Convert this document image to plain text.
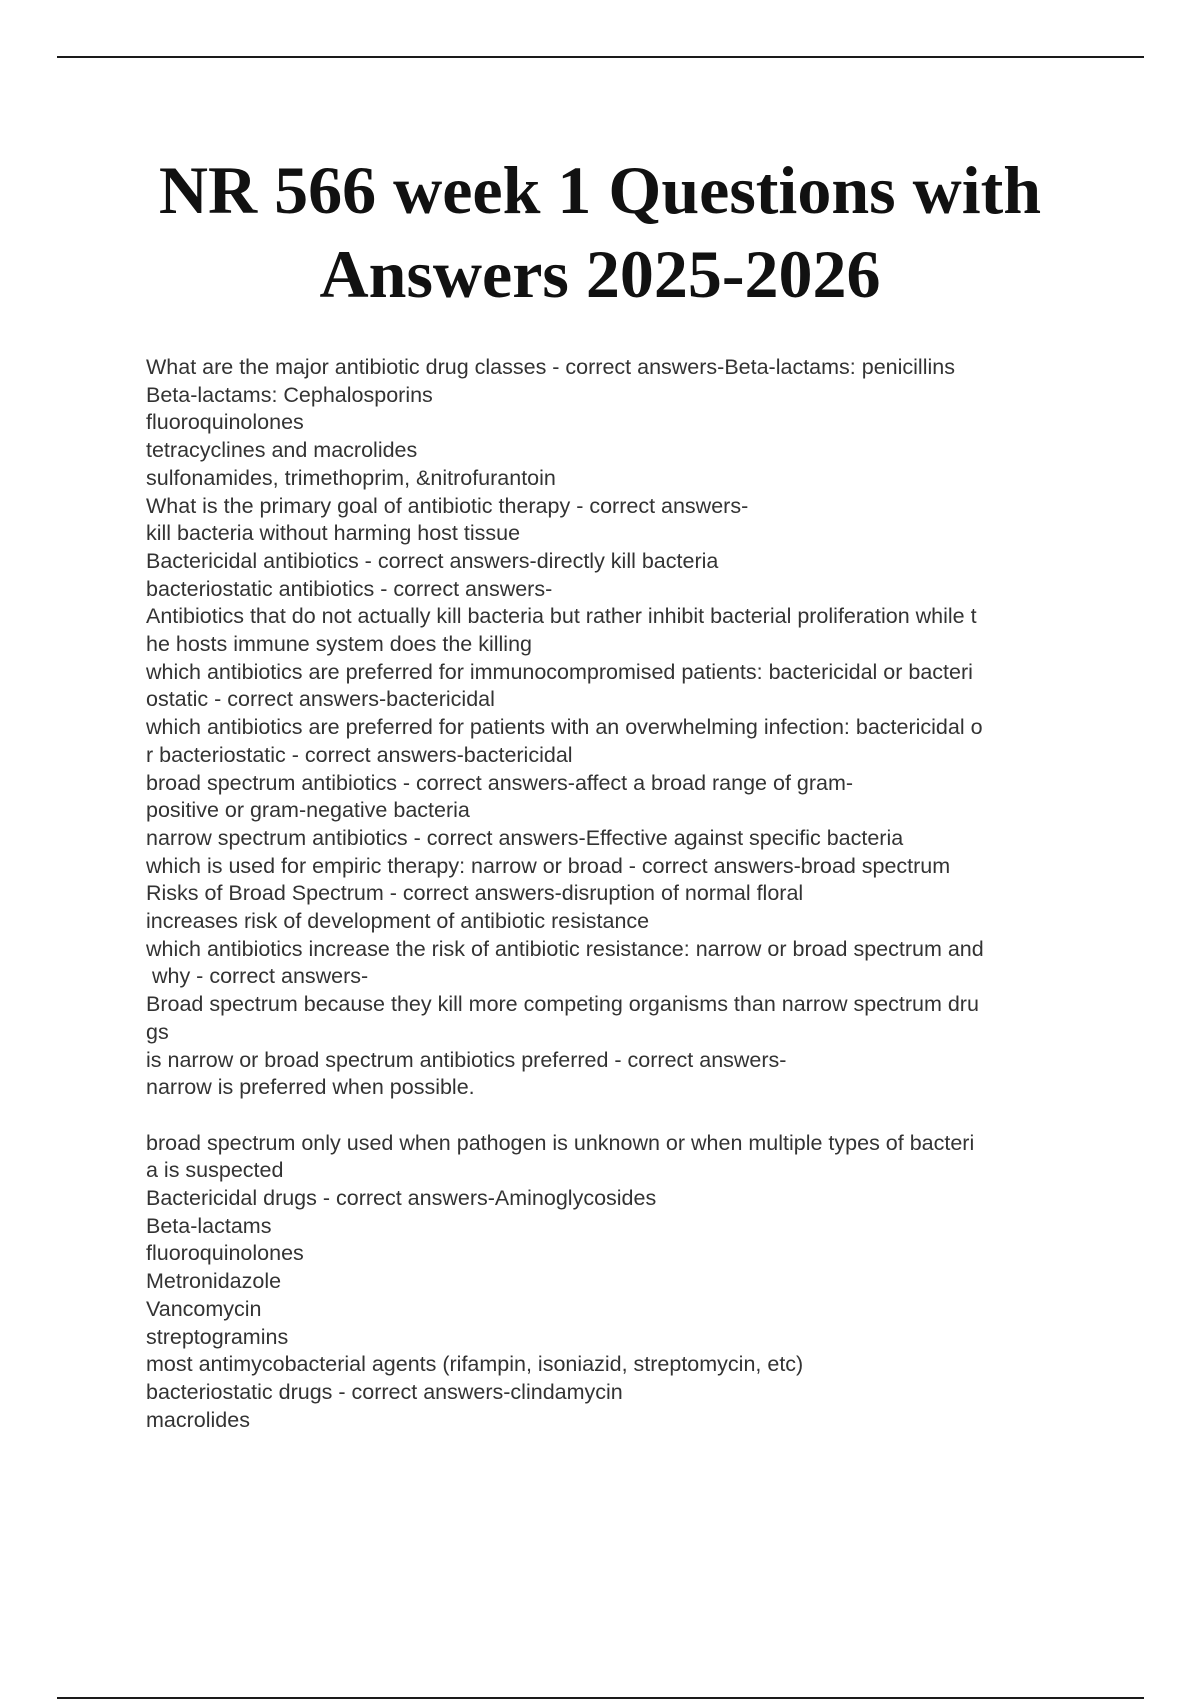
NR 566 week 1 Questions with
Answers 2025-2026
What are the major antibiotic drug classes - correct answers-Beta-lactams: penicillins
Beta-lactams: Cephalosporins
fluoroquinolones
tetracyclines and macrolides
sulfonamides, trimethoprim, &nitrofurantoin
What is the primary goal of antibiotic therapy - correct answers-
kill bacteria without harming host tissue
Bactericidal antibiotics - correct answers-directly kill bacteria
bacteriostatic antibiotics - correct answers-
Antibiotics that do not actually kill bacteria but rather inhibit bacterial proliferation while t
he hosts immune system does the killing
which antibiotics are preferred for immunocompromised patients: bactericidal or bacteri
ostatic - correct answers-bactericidal
which antibiotics are preferred for patients with an overwhelming infection: bactericidal o
r bacteriostatic - correct answers-bactericidal
broad spectrum antibiotics - correct answers-affect a broad range of gram-
positive or gram-negative bacteria
narrow spectrum antibiotics - correct answers-Effective against specific bacteria
which is used for empiric therapy: narrow or broad - correct answers-broad spectrum
Risks of Broad Spectrum - correct answers-disruption of normal floral
increases risk of development of antibiotic resistance
which antibiotics increase the risk of antibiotic resistance: narrow or broad spectrum and
why - correct answers-
Broad spectrum because they kill more competing organisms than narrow spectrum dru
gs
is narrow or broad spectrum antibiotics preferred - correct answers-
narrow is preferred when possible.
broad spectrum only used when pathogen is unknown or when multiple types of bacteri
a is suspected
Bactericidal drugs - correct answers-Aminoglycosides
Beta-lactams
fluoroquinolones
Metronidazole
Vancomycin
streptogramins
most antimycobacterial agents (rifampin, isoniazid, streptomycin, etc)
bacteriostatic drugs - correct answers-clindamycin
macrolides
